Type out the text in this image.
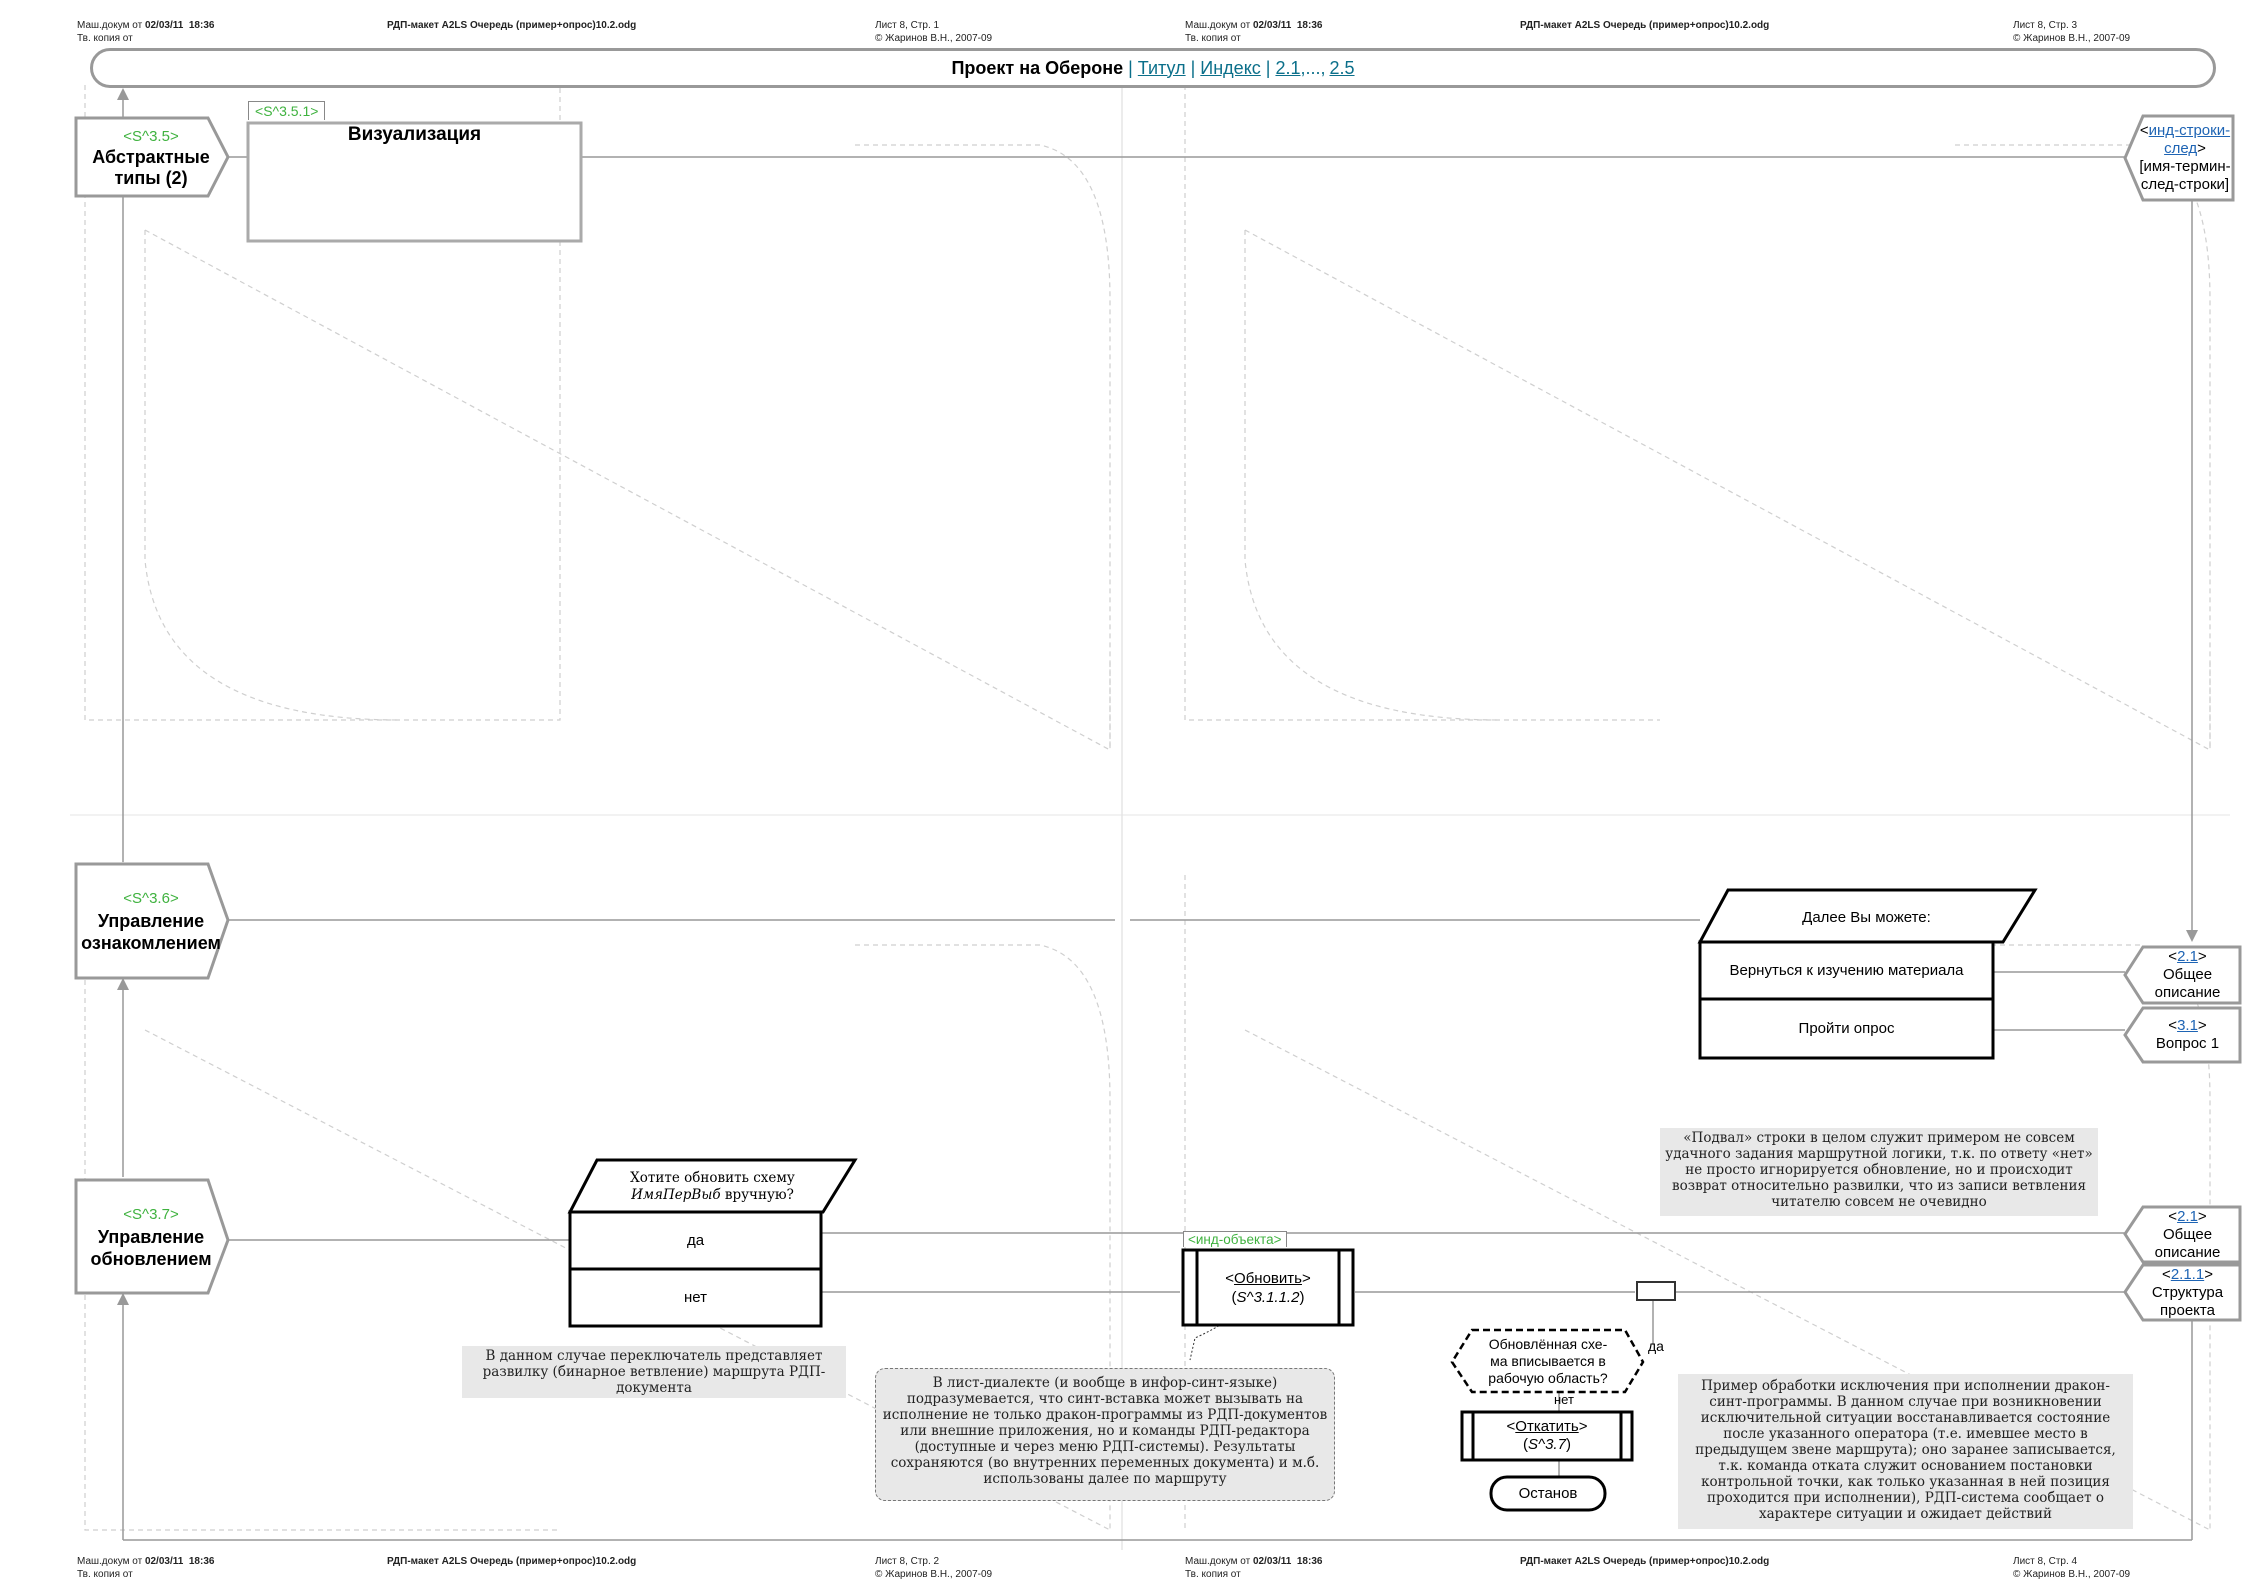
Маш.докум от 02/03/11 18:36
Тв. копия от
РДП-макет A2LS Очередь (пример+опрос)10.2.odg	Лист 8, Стр. 1
© Жаринов В.Н., 2007-09
Маш.докум от 02/03/11 18:36
Тв. копия от
РДП-макет A2LS Очередь (пример+опрос)10.2.odg	Лист 8, Стр. 3
© Жаринов В.Н., 2007-09
Маш.докум от 02/03/11 18:36
Тв. копия от
РДП-макет A2LS Очередь (пример+опрос)10.2.odg	Лист 8, Стр. 2
© Жаринов В.Н., 2007-09
Маш.докум от 02/03/11 18:36
Тв. копия от
РДП-макет A2LS Очередь (пример+опрос)10.2.odg	Лист 8, Стр. 4
© Жаринов В.Н., 2007-09
Проект на Обероне | Титул | Индекс | 2.1 ,..., 2.5
<S^3.5>
Абстрактные
типы (2)
<S^3.6>
Управление
ознакомлением
<S^3.7>
Управление
обновлением
<S^3.5.1>
Визуализация	<инд-строки-
след>
[имя-термин-
след-строки]
Далее Вы можете:
Вернуться к изучению материала
Пройти опрос
<2.1>
Общее
описание
<3.1>
Вопрос 1
<2.1>
Общее
описание
<2.1.1>
Структура
проекта
«Подвал» строки в целом служит примером не совсем удачного задания маршрутной логики, т.к. по ответу «нет» не просто игнорируется обновление, но и происходит возврат относительно развилки, что из записи ветвления читателю совсем не очевидно
Хотите обновить схему
ИмяПерВыб вручную?
да
нет
В данном случае переключатель представляет развилку (бинарное ветвление) маршрута РДП-документа
<инд-объекта>
<Обновить>
(S^3.1.1.2)
В лист-диалекте (и вообще в инфор-синт-языке) подразумевается, что синт-вставка может вызывать на исполнение не только дракон-программы из РДП-документов или внешние приложения, но и команды РДП-редактора (доступные и через меню РДП-системы). Результаты сохраняются (во внутренних переменных документа) и м.б. использованы далее по маршруту
Обновлённая схе-
ма вписывается в
рабочую область?
да
нет
<Откатить>
(S^3.7)
Останов
Пример обработки исключения при исполнении дракон-синт-программы. В данном случае при возникновении исключительной ситуации восстанавливается состояние после указанного оператора (т.е. имевшее место в предыдущем звене маршрута); оно заранее записывается, т.к. команда отката служит основанием постановки контрольной точки, как только указанная в ней позиция проходится при исполнении), РДП-система сообщает о характере ситуации и ожидает действий
